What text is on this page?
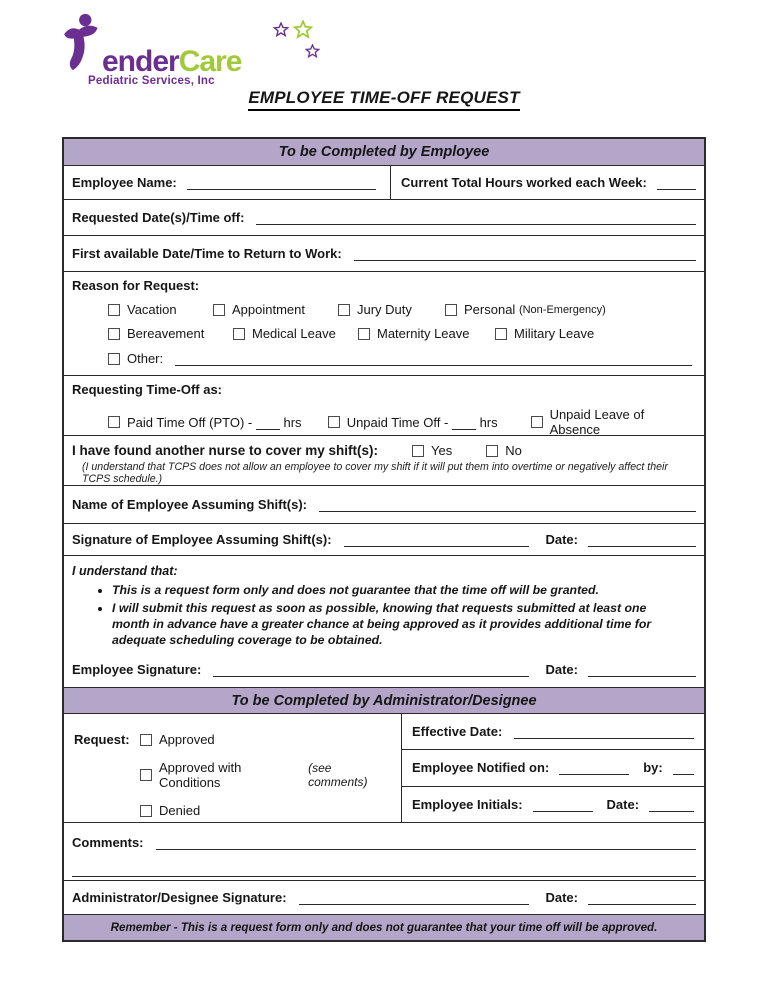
enderCare
Pediatric Services, Inc
EMPLOYEE TIME-OFF REQUEST
To be Completed by Employee
Employee Name:	Current Total Hours worked each Week:
Requested Date(s)/Time off:
First available Date/Time to Return to Work:
Reason for Request:
Vacation	Appointment	Jury Duty	Personal
(Non-Emergency)
Bereavement	Medical Leave	Maternity Leave	Military Leave
Other:
Requesting Time-Off as:
Paid Time Off (PTO) -

hrs	Unpaid Time Off -

hrs	Unpaid Leave of Absence
I have found another nurse to cover my shift(s):	Yes	No
(I understand that TCPS does not allow an employee to cover my shift if it will put them into overtime or negatively affect their TCPS schedule.)
Name of Employee Assuming Shift(s):
Signature of Employee Assuming Shift(s):	Date:
I understand that:
• This is a request form only and does not guarantee that the time off will be granted.
• I will submit this request as soon as possible, knowing that requests submitted at least one month in advance have a greater chance at being approved as it provides additional time for adequate scheduling coverage to be obtained.
Employee Signature:	Date:
To be Completed by Administrator/Designee
Request:	Approved
Approved with Conditions

(see comments)
Denied
Effective Date:
Employee Notified on:	by:
Employee Initials:	Date:
Comments:
Administrator/Designee Signature:	Date:
Remember - This is a request form only and does not guarantee that your time off will be approved.
